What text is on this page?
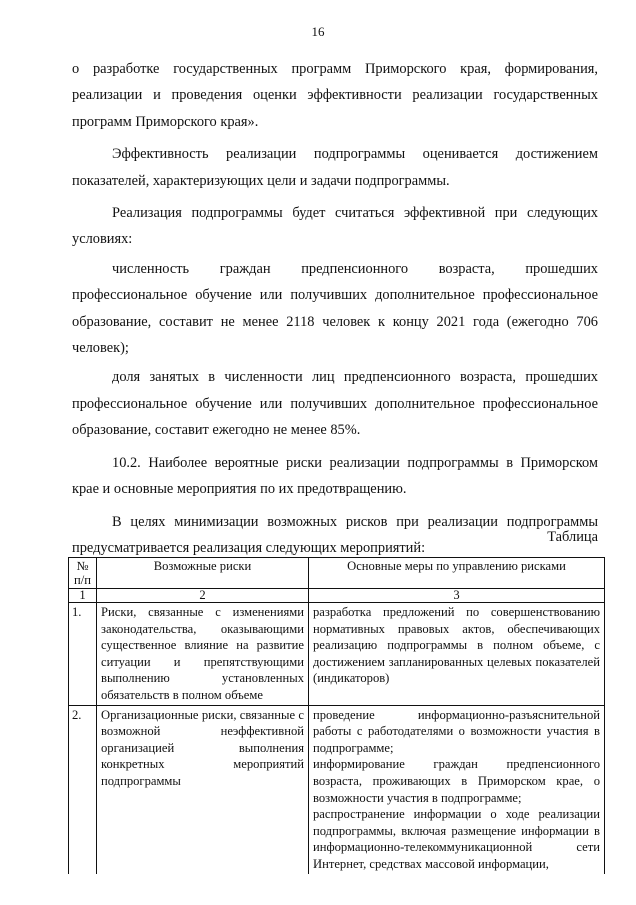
16

о разработке государственных программ Приморского края, формирования, реализации и проведения оценки эффективности реализации государственных программ Приморского края».

Эффективность реализации подпрограммы оценивается достижением показателей, характеризующих цели и задачи подпрограммы.

Реализация подпрограммы будет считаться эффективной при следующих условиях:

численность граждан предпенсионного возраста, прошедших профессиональное обучение или получивших дополнительное профессиональное образование, составит не менее 2118 человек к концу 2021 года (ежегодно 706 человек);

доля занятых в численности лиц предпенсионного возраста, прошедших профессиональное обучение или получивших дополнительное профессиональное образование, составит ежегодно не менее 85%.

10.2. Наиболее вероятные риски реализации подпрограммы в Приморском крае и основные мероприятия по их предотвращению.

В целях минимизации возможных рисков при реализации подпрограммы предусматривается реализация следующих мероприятий:

Таблица
№ п/п	Возможные риски	Основные меры по управлению рисками
1	2	3
1.	Риски, связанные с изменениями законодательства, оказывающими существенное влияние на развитие ситуации и препятствующими выполнению установленных обязательств в полном объеме	разработка предложений по совершенствованию нормативных правовых актов, обеспечивающих реализацию подпрограммы в полном объеме, с достижением запланированных целевых показателей (индикаторов)

2.	Организационные риски, связанные с возможной неэффективной организацией выполнения конкретных мероприятий подпрограммы	проведение информационно-разъяснительной работы с работодателями о возможности участия в подпрограмме;
информирование граждан предпенсионного возраста, проживающих в Приморском крае, о возможности участия в подпрограмме;
распространение информации о ходе реализации подпрограммы, включая размещение информации в информационно-телекоммуникационной сети Интернет, средствах массовой информации,
